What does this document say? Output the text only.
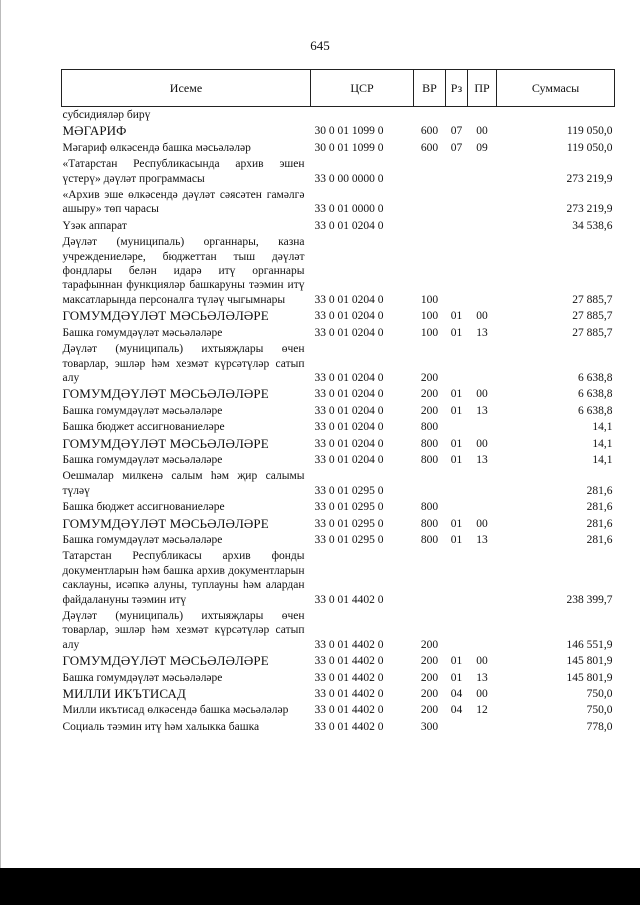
645
Исеме	ЦСР	ВР	Рз	ПР	Суммасы
субсидияләр бирү					
МӘГАРИФ	30 0 01 1099 0	600	07	00	119 050,0
Мәгариф өлкәсендә башка мәсьәләләр	30 0 01 1099 0	600	07	09	119 050,0
«Татарстан Республикасында архив эшен үстерү» дәүләт программасы	33 0 00 0000 0				273 219,9
«Архив эше өлкәсендә дәүләт сәясәтен гамәлгә ашыру» төп чарасы	33 0 01 0000 0				273 219,9
Үзәк аппарат	33 0 01 0204 0				34 538,6
Дәүләт (муниципаль) органнары, казна учреждениеләре, бюджеттан тыш дәүләт фондлары белән идарә итү органнары тарафыннан функцияләр башкаруны тәэмин итү максатларында персоналга түләү чыгымнары	33 0 01 0204 0	100			27 885,7
ГОМУМДӘҮЛӘТ МӘСЬӘЛӘЛӘРЕ	33 0 01 0204 0	100	01	00	27 885,7
Башка гомумдәүләт мәсьәләләре	33 0 01 0204 0	100	01	13	27 885,7
Дәүләт (муниципаль) ихтыяҗлары өчен товарлар, эшләр һәм хезмәт күрсәтүләр сатып алу	33 0 01 0204 0	200			6 638,8
ГОМУМДӘҮЛӘТ МӘСЬӘЛӘЛӘРЕ	33 0 01 0204 0	200	01	00	6 638,8
Башка гомумдәүләт мәсьәләләре	33 0 01 0204 0	200	01	13	6 638,8
Башка бюджет ассигнованиеләре	33 0 01 0204 0	800			14,1
ГОМУМДӘҮЛӘТ МӘСЬӘЛӘЛӘРЕ	33 0 01 0204 0	800	01	00	14,1
Башка гомумдәүләт мәсьәләләре	33 0 01 0204 0	800	01	13	14,1
Оешмалар милкенә салым һәм җир салымы түләү	33 0 01 0295 0				281,6
Башка бюджет ассигнованиеләре	33 0 01 0295 0	800			281,6
ГОМУМДӘҮЛӘТ МӘСЬӘЛӘЛӘРЕ	33 0 01 0295 0	800	01	00	281,6
Башка гомумдәүләт мәсьәләләре	33 0 01 0295 0	800	01	13	281,6
Татарстан Республикасы архив фонды документларын һәм башка архив документларын саклауны, исәпкә алуны, туплауны һәм алардан файдалануны тәэмин итү	33 0 01 4402 0				238 399,7
Дәүләт (муниципаль) ихтыяҗлары өчен товарлар, эшләр һәм хезмәт күрсәтүләр сатып алу	33 0 01 4402 0	200			146 551,9
ГОМУМДӘҮЛӘТ МӘСЬӘЛӘЛӘРЕ	33 0 01 4402 0	200	01	00	145 801,9
Башка гомумдәүләт мәсьәләләре	33 0 01 4402 0	200	01	13	145 801,9
МИЛЛИ ИКЪТИСАД	33 0 01 4402 0	200	04	00	750,0
Милли икътисад өлкәсендә башка мәсьәләләр	33 0 01 4402 0	200	04	12	750,0
Социаль тәэмин итү һәм халыкка башка	33 0 01 4402 0	300			778,0
